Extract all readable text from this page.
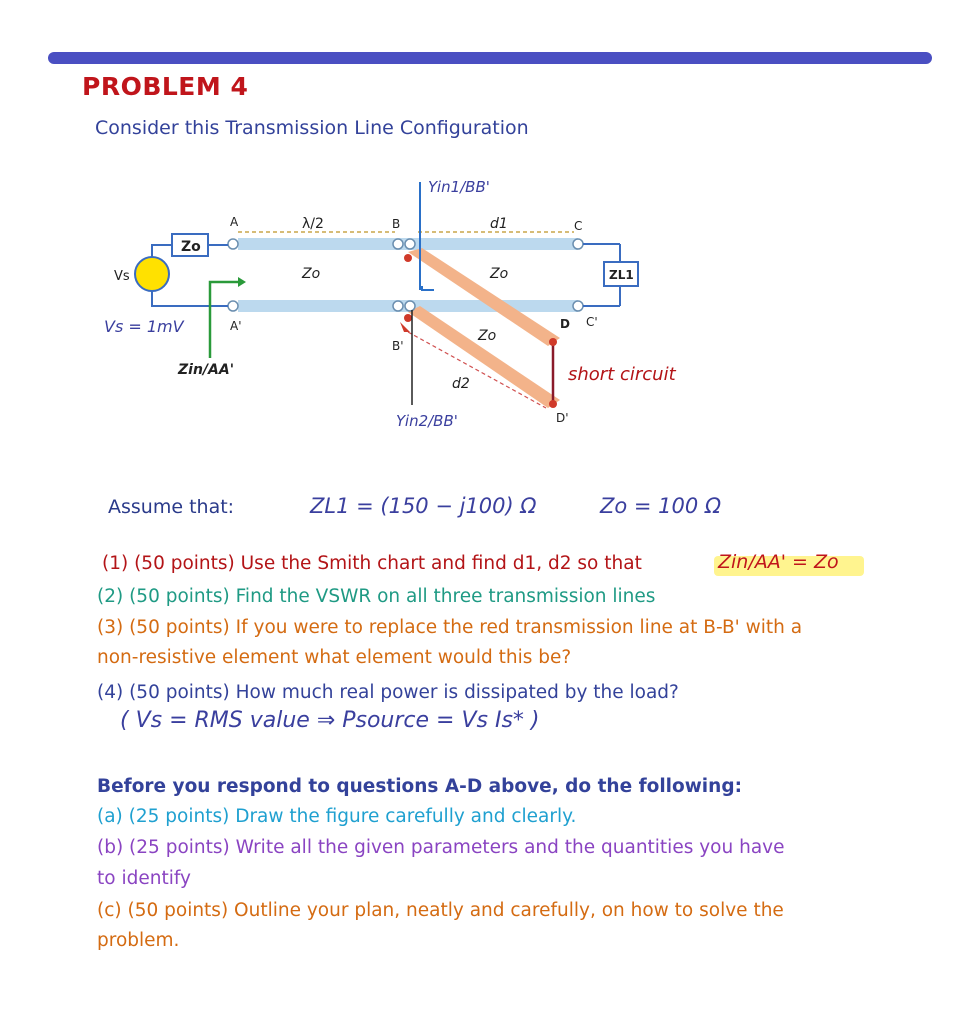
PROBLEM 4
Consider this Transmission Line Configuration
Zo
Vs
Vs = 1mV
Zin/AA'
A
A'
B
B'
C
C'
D
D'
λ/2
Zo
d1
Zo
d2
Zo
ZL1
Yin1/BB'
Yin2/BB'
short circuit
Assume that:	ZL1 = (150 − j100) Ω	Zo = 100 Ω
(1) (50 points) Use the Smith chart and find d1, d2 so that	Zin/AA' = Zo
(2) (50 points) Find the VSWR on all three transmission lines
(3) (50 points) If you were to replace the red transmission line at B-B' with a
non-resistive element what element would this be?
(4) (50 points) How much real power is dissipated by the load?
( Vs = RMS value ⇒ Psource = Vs Is* )
Before you respond to questions A-D above, do the following:
(a) (25 points) Draw the figure carefully and clearly.
(b) (25 points) Write all the given parameters and the quantities you have
to identify
(c) (50 points) Outline your plan, neatly and carefully, on how to solve the
problem.
